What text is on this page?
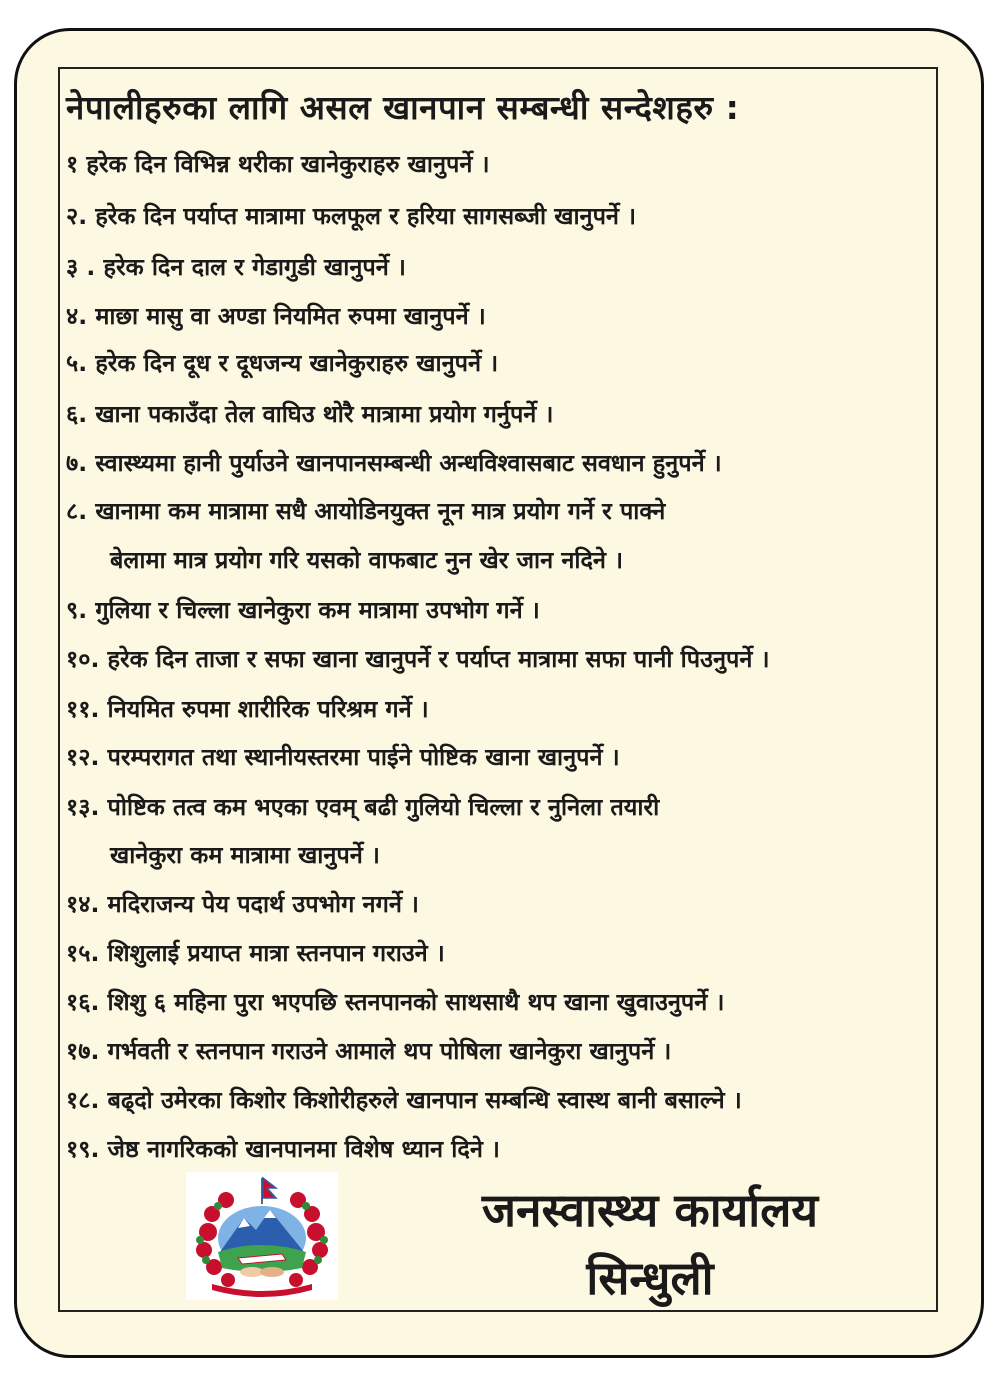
नेपालीहरुका लागि असल खानपान सम्बन्धी सन्देशहरु :
१ हरेक दिन विभिन्न थरीका खानेकुराहरु खानुपर्ने ।
२. हरेक दिन पर्याप्त मात्रामा फलफूल र हरिया सागसब्जी खानुपर्ने ।
३ . हरेक दिन दाल र गेडागुडी खानुपर्ने ।
४. माछा मासु वा अण्डा नियमित रुपमा खानुपर्ने ।
५. हरेक दिन दूध र दूधजन्य खानेकुराहरु खानुपर्ने ।
६. खाना पकाउँदा तेल वाघिउ थोरै मात्रामा प्रयोग गर्नुपर्ने ।
७. स्वास्थ्यमा हानी पुर्याउने खानपानसम्बन्धी अन्धविश्वासबाट सवधान हुनुपर्ने ।
८. खानामा कम मात्रामा सधै आयोडिनयुक्त नून मात्र प्रयोग गर्ने र पाक्ने
बेलामा मात्र प्रयोग गरि यसको वाफबाट नुन खेर जान नदिने ।
९. गुलिया र चिल्ला खानेकुरा कम मात्रामा उपभोग गर्ने ।
१०. हरेक दिन ताजा र सफा खाना खानुपर्ने र पर्याप्त मात्रामा सफा पानी पिउनुपर्ने ।
११. नियमित रुपमा शारीरिक परिश्रम गर्ने ।
१२. परम्परागत तथा स्थानीयस्तरमा पाईने पोष्टिक खाना खानुपर्ने ।
१३. पोष्टिक तत्व कम भएका एवम् बढी गुलियो चिल्ला र नुनिला तयारी
खानेकुरा कम मात्रामा खानुपर्ने ।
१४. मदिराजन्य पेय पदार्थ उपभोग नगर्ने ।
१५. शिशुलाई प्रयाप्त मात्रा स्तनपान गराउने ।
१६. शिशु ६ महिना पुरा भएपछि स्तनपानको साथसाथै थप खाना खुवाउनुपर्ने ।
१७. गर्भवती र स्तनपान गराउने आमाले थप पोषिला खानेकुरा खानुपर्ने ।
१८. बढ्दो उमेरका किशोर किशोरीहरुले खानपान सम्बन्धि स्वास्थ बानी बसाल्ने ।
१९. जेष्ठ नागरिकको खानपानमा विशेष ध्यान दिने ।
जनस्वास्थ्य कार्यालय
सिन्धुली
